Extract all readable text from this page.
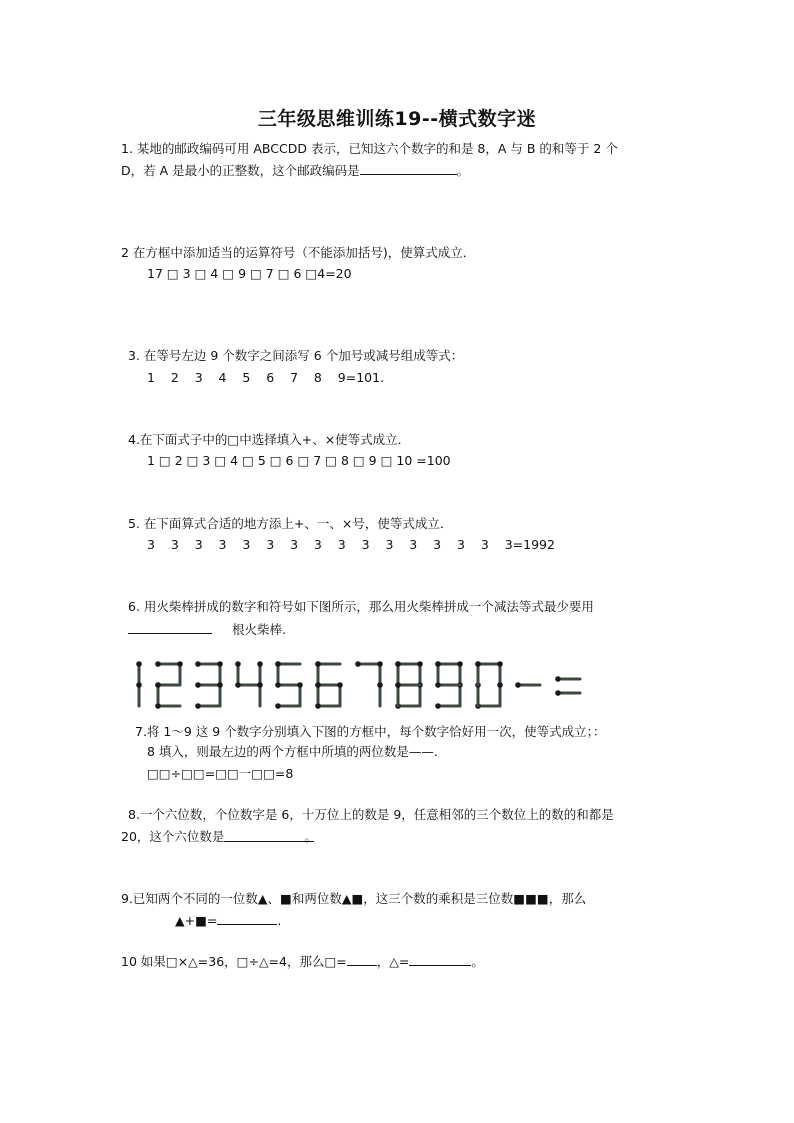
三年级思维训练19--横式数字迷
1. 某地的邮政编码可用 ABCCDD 表示，已知这六个数字的和是 8，A 与 B 的和等于 2 个
D，若 A 是最小的正整数，这个邮政编码是	。
2 在方框中添加适当的运算符号（不能添加括号)，使算式成立．
17 □ 3 □ 4 □ 9 □ 7 □ 6 □4=20
3. 在等号左边 9 个数字之间添写 6 个加号或减号组成等式：
1    2    3    4    5    6    7    8    9=101.
4.在下面式子中的□中选择填入+、×使等式成立．
1 □ 2 □ 3 □ 4 □ 5 □ 6 □ 7 □ 8 □ 9 □ 10 =100
5. 在下面算式合适的地方添上+、一、×号，使等式成立．
3    3    3    3    3    3    3    3    3    3    3    3    3    3    3    3=1992
6. 用火柴棒拼成的数字和符号如下图所示，那么用火柴棒拼成一个减法等式最少要用
根火柴棒.
7.将 1～9 这 9 个数字分别填入下图的方框中，每个数字恰好用一次，使等式成立；：
8 填入，则最左边的两个方框中所填的两位数是——.
□□÷□□=□□一□□=8
8.一个六位数，个位数字是 6，十万位上的数是 9，任意相邻的三个数位上的数的和都是
20，这个六位数是	。
9.已知两个不同的一位数▲、■和两位数▲■，这三个数的乘积是三位数■■■，那么
▲+■=	.
10 如果□×△=36，□÷△=4，那么□= ，△=	。
